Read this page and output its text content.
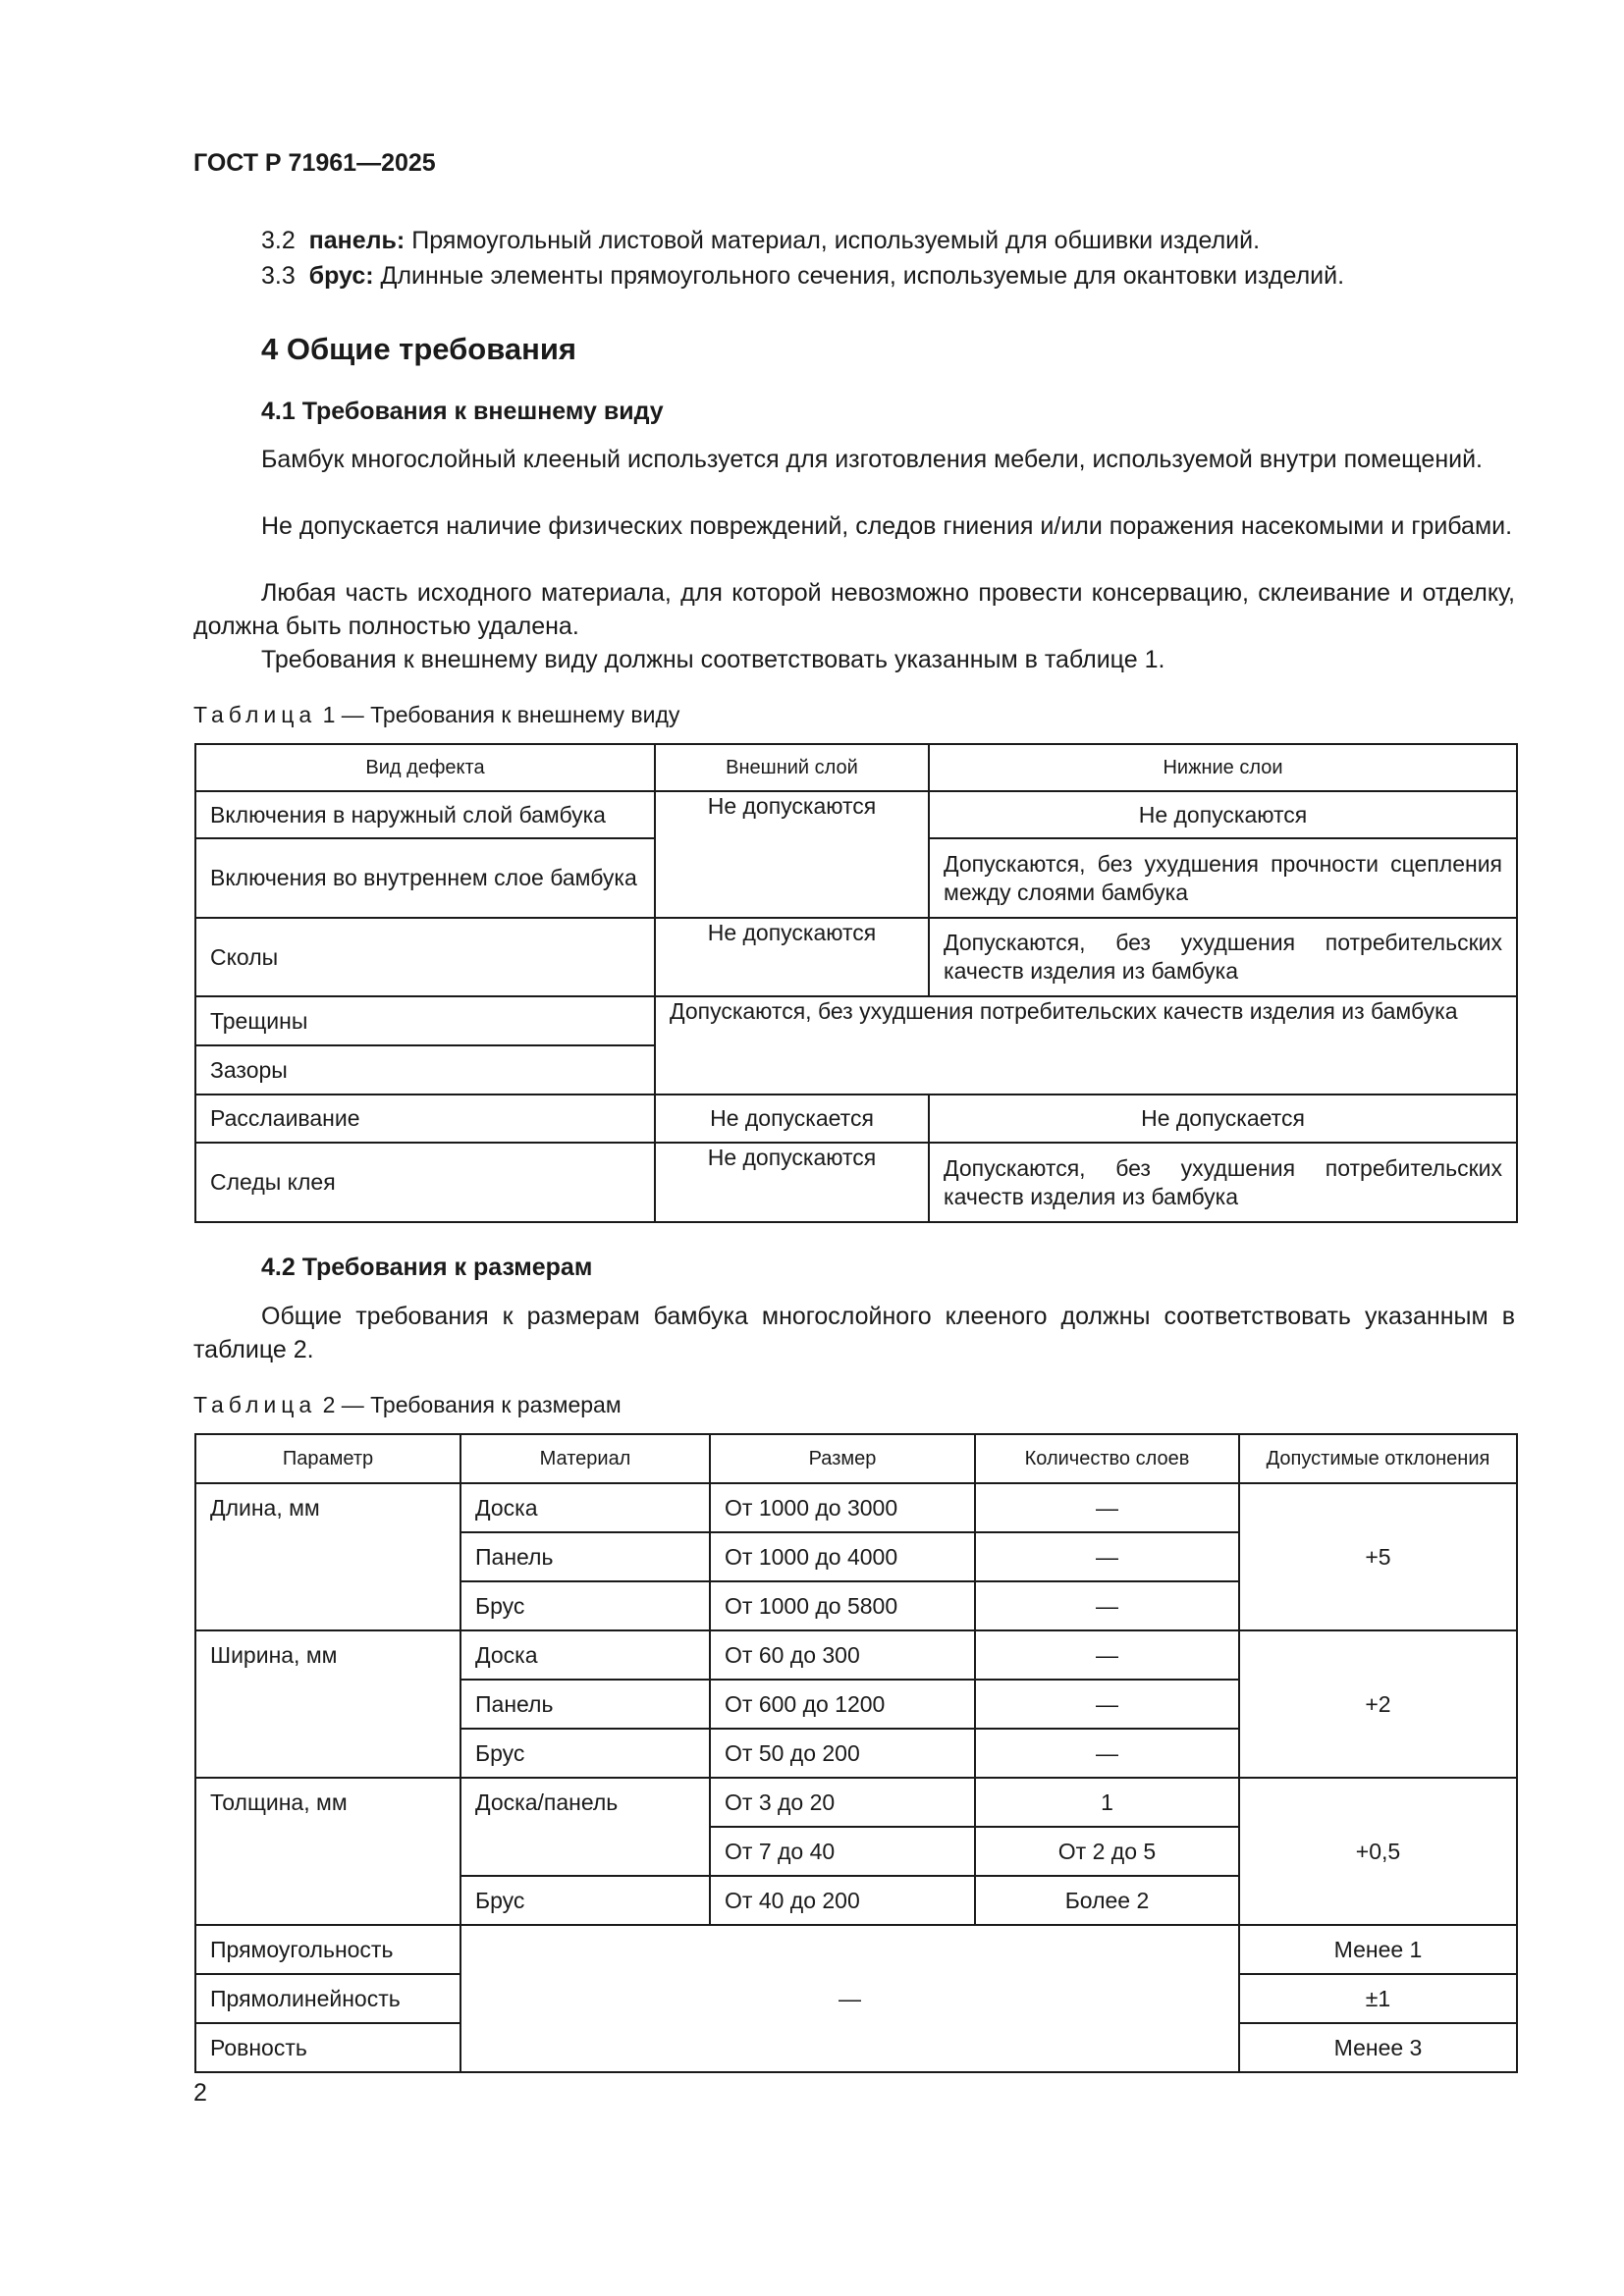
ГОСТ Р 71961—2025
3.2 панель: Прямоугольный листовой материал, используемый для обшивки изделий.
3.3 брус: Длинные элементы прямоугольного сечения, используемые для окантовки изделий.
4 Общие требования
4.1 Требования к внешнему виду
Бамбук многослойный клееный используется для изготовления мебели, используемой внутри помещений.
Не допускается наличие физических повреждений, следов гниения и/или поражения насекомыми и грибами.
Любая часть исходного материала, для которой невозможно провести консервацию, склеивание и отделку, должна быть полностью удалена.
Требования к внешнему виду должны соответствовать указанным в таблице 1.
Таблица 1 — Требования к внешнему виду
Вид дефекта	Внешний слой	Нижние слои
Включения в наружный слой бамбука	Не допускаются	Не допускаются
Включения во внутреннем слое бамбука		Допускаются, без ухудшения прочности сцепления между слоями бамбука
Сколы	Не допускаются	Допускаются, без ухудшения потребительских качеств изделия из бамбука
Трещины	Допускаются, без ухудшения потребительских качеств изделия из бамбука	
Зазоры		
Расслаивание	Не допускается	Не допускается
Следы клея	Не допускаются	Допускаются, без ухудшения потребительских качеств изделия из бамбука
4.2 Требования к размерам
Общие требования к размерам бамбука многослойного клееного должны соответствовать указанным в таблице 2.
Таблица 2 — Требования к размерам
Параметр	Материал	Размер	Количество слоев	Допустимые отклонения
Длина, мм	Доска	От 1000 до 3000	—	+5
	Панель	От 1000 до 4000	—	
	Брус	От 1000 до 5800	—	
Ширина, мм	Доска	От 60 до 300	—	+2
	Панель	От 600 до 1200	—	
	Брус	От 50 до 200	—	
Толщина, мм	Доска/панель	От 3 до 20	1	+0,5
		От 7 до 40	От 2 до 5	
	Брус	От 40 до 200	Более 2	
Прямоугольность	—			Менее 1
Прямолинейность				±1
Ровность				Менее 3
2
